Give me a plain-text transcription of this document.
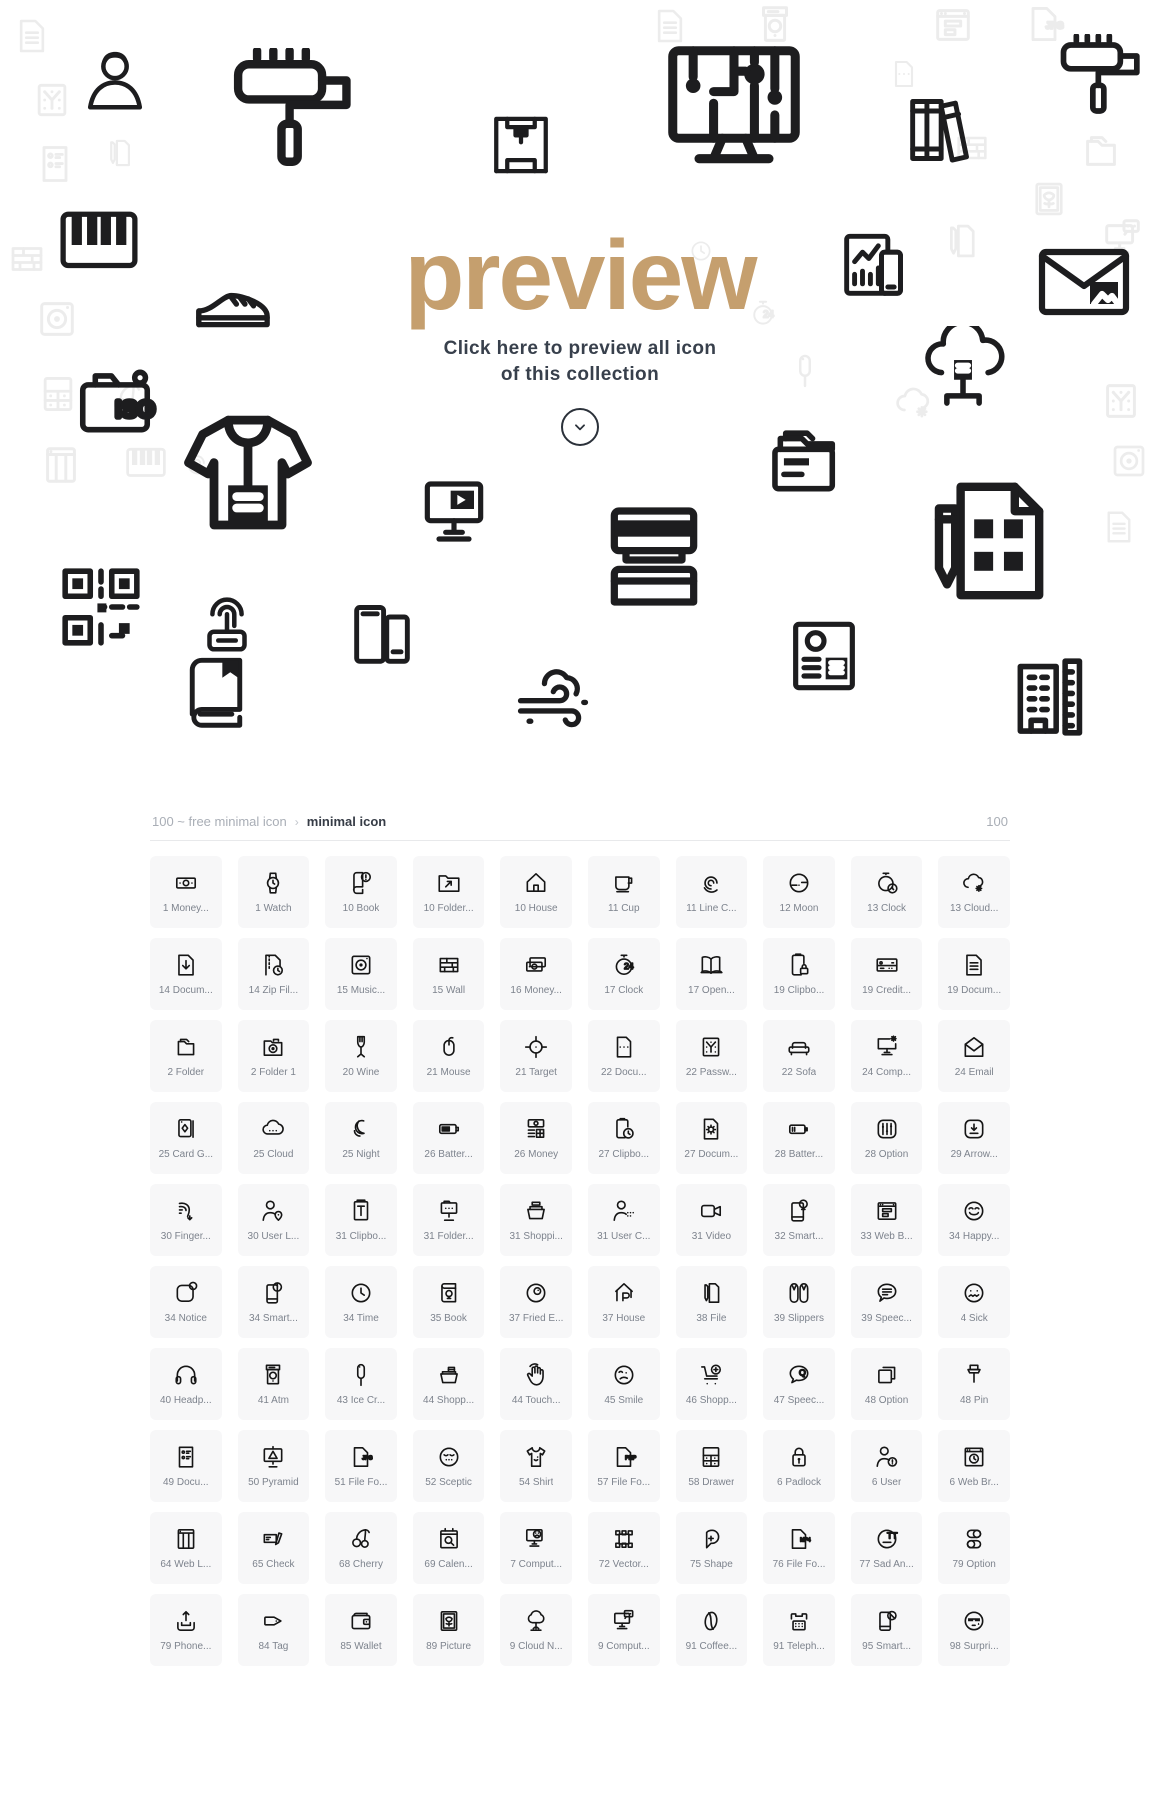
preview
Click here to preview all icon
of this collection
100 ~ free minimal icon › minimal icon	100
1 Money...	1 Watch	10 Book	10 Folder...	10 House	11 Cup	11 Line C...	12 Moon	13 Clock	13 Cloud...
14 Docum...	14 Zip Fil...	15 Music...	15 Wall	16 Money...	17 Clock	17 Open...	19 Clipbo...	19 Credit...	19 Docum...
2 Folder	2 Folder 1	20 Wine	21 Mouse	21 Target	22 Docu...	22 Passw...	22 Sofa	24 Comp...	24 Email
25 Card G...	25 Cloud	25 Night	26 Batter...	26 Money	27 Clipbo...	27 Docum...	28 Batter...	28 Option	29 Arrow...
30 Finger...	30 User L...	31 Clipbo...	31 Folder...	31 Shoppi...	31 User C...	31 Video	32 Smart...	33 Web B...	34 Happy...
34 Notice	34 Smart...	34 Time	35 Book	37 Fried E...	37 House	38 File	39 Slippers	39 Speec...	4 Sick
40 Headp...	41 Atm	43 Ice Cr...	44 Shopp...	44 Touch...	45 Smile	46 Shopp...	47 Speec...	48 Option	48 Pin
49 Docu...	50 Pyramid	51 File Fo...	52 Sceptic	54 Shirt	57 File Fo...	58 Drawer	6 Padlock	6 User	6 Web Br...
64 Web L...	65 Check	68 Cherry	69 Calen...	7 Comput...	72 Vector...	75 Shape	76 File Fo...	77 Sad An...	79 Option
79 Phone...	84 Tag	85 Wallet	89 Picture	9 Cloud N...	9 Comput...	91 Coffee...	91 Teleph...	95 Smart...	98 Surpri...
